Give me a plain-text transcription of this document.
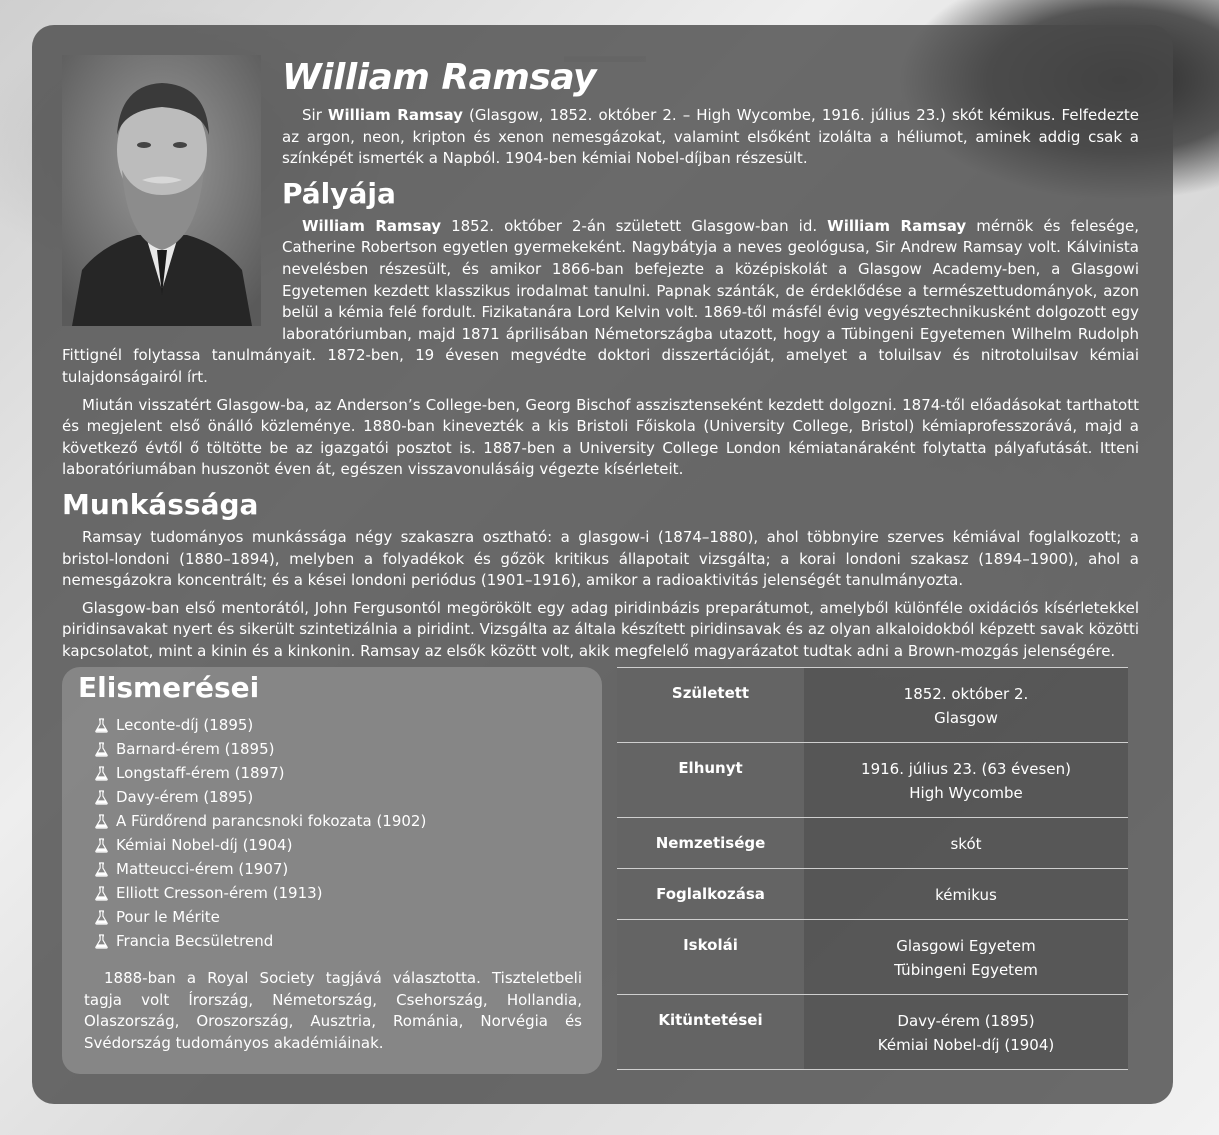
William Ramsay

Sir William Ramsay (Glasgow, 1852. október 2. – High Wycombe, 1916. július 23.) skót kémikus. Felfedezte az argon, neon, kripton és xenon nemesgázokat, valamint elsőként izolálta a héliumot, aminek addig csak a színképét ismerték a Napból. 1904-ben kémiai Nobel-díjban részesült.

Pályája

William Ramsay 1852. október 2-án született Glasgow-ban id. William Ramsay mérnök és felesége, Catherine Robertson egyetlen gyermekeként. Nagybátyja a neves geológusa, Sir Andrew Ramsay volt. Kálvinista nevelésben részesült, és amikor 1866-ban befejezte a középiskolát a Glasgow Academy-ben, a Glasgowi Egyetemen kezdett klasszikus irodalmat tanulni. Papnak szánták, de érdeklődése a természettudományok, azon belül a kémia felé fordult. Fizikatanára Lord Kelvin volt. 1869-től másfél évig vegyésztechnikusként dolgozott egy laboratóriumban, majd 1871 áprilisában Németországba utazott, hogy a Tübingeni Egyetemen Wilhelm Rudolph Fittignél folytassa tanulmányait. 1872-ben, 19 évesen megvédte doktori disszertációját, amelyet a toluilsav és nitrotoluilsav kémiai tulajdonságairól írt.

Miután visszatért Glasgow-ba, az Anderson’s College-ben, Georg Bischof asszisztenseként kezdett dolgozni. 1874-től előadásokat tarthatott és megjelent első önálló közleménye. 1880-ban kinevezték a kis Bristoli Főiskola (University College, Bristol) kémiaprofesszorává, majd a következő évtől ő töltötte be az igazgatói posztot is. 1887-ben a University College London kémiatanáraként folytatta pályafutását. Itteni laboratóriumában huszonöt éven át, egészen visszavonulásáig végezte kísérleteit.

Munkássága

Ramsay tudományos munkássága négy szakaszra osztható: a glasgow-i (1874–1880), ahol többnyire szerves kémiával foglalkozott; a bristol-londoni (1880–1894), melyben a folyadékok és gőzök kritikus állapotait vizsgálta; a korai londoni szakasz (1894–1900), ahol a nemesgázokra koncentrált; és a kései londoni periódus (1901–1916), amikor a radioaktivitás jelenségét tanulmányozta.

Glasgow-ban első mentorától, John Fergusontól megörökölt egy adag piridinbázis preparátumot, amelyből különféle oxidációs kísérletekkel piridinsavakat nyert és sikerült szintetizálnia a piridint. Vizsgálta az általa készített piridinsavak és az olyan alkaloidokból képzett savak közötti kapcsolatot, mint a kinin és a kinkonin. Ramsay az elsők között volt, akik megfelelő magyarázatot tudtak adni a Brown-mozgás jelenségére.

Elismerései
Leconte-díj (1895)
Barnard-érem (1895)
Longstaff-érem (1897)
Davy-érem (1895)
A Fürdőrend parancsnoki fokozata (1902)
Kémiai Nobel-díj (1904)
Matteucci-érem (1907)
Elliott Cresson-érem (1913)
Pour le Mérite
Francia Becsületrend

1888-ban a Royal Society tagjává választotta. Tiszteletbeli tagja volt Írország, Németország, Csehország, Hollandia, Olaszország, Oroszország, Ausztria, Románia, Norvégia és Svédország tudományos akadémiáinak.

Született	1852. október 2.
Glasgow

Elhunyt	1916. július 23. (63 évesen)
High Wycombe

Nemzetisége	skót

Foglalkozása	kémikus

Iskolái	Glasgowi Egyetem
Tübingeni Egyetem

Kitüntetései	Davy-érem (1895)
Kémiai Nobel-díj (1904)
